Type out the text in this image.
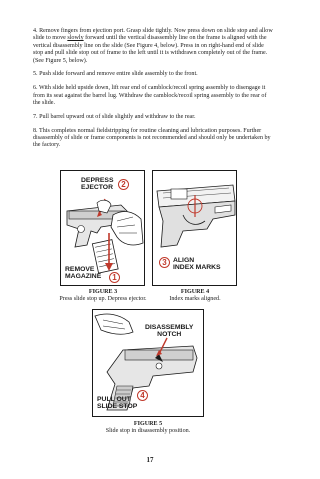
4. Remove fingers from ejection port. Grasp slide tightly. Now press down on slide stop and allow slide to move slowly forward until the vertical disassembly line on the frame is aligned with the vertical disassembly line on the slide (See Figure 4, below). Press in on right-hand end of slide stop and pull slide stop out of frame to the left until it is withdrawn completely out of the frame. (See Figure 5, below).

5. Push slide forward and remove entire slide assembly to the front.

6. With slide held upside down, lift rear end of camblock/recoil spring assembly to disengage it from its seat against the barrel lug. Withdraw the camblock/recoil spring assembly to the rear of the slide.

7. Pull barrel upward out of slide slightly and withdraw to the rear.

8. This completes normal fieldstripping for routine cleaning and lubrication purposes. Further disassembly of slide or frame components is not recommended and should only be undertaken by the factory.

DEPRESS
EJECTOR	2
REMOVE
MAGAZINE	1
FIGURE 3
Press slide stop up. Depress ejector.
3 ALIGN
INDEX MARKS
FIGURE 4
Index marks aligned.
DISASSEMBLY
NOTCH
PULL OUT
SLIDE STOP
4
FIGURE 5
Slide stop in disassembly position.
17
